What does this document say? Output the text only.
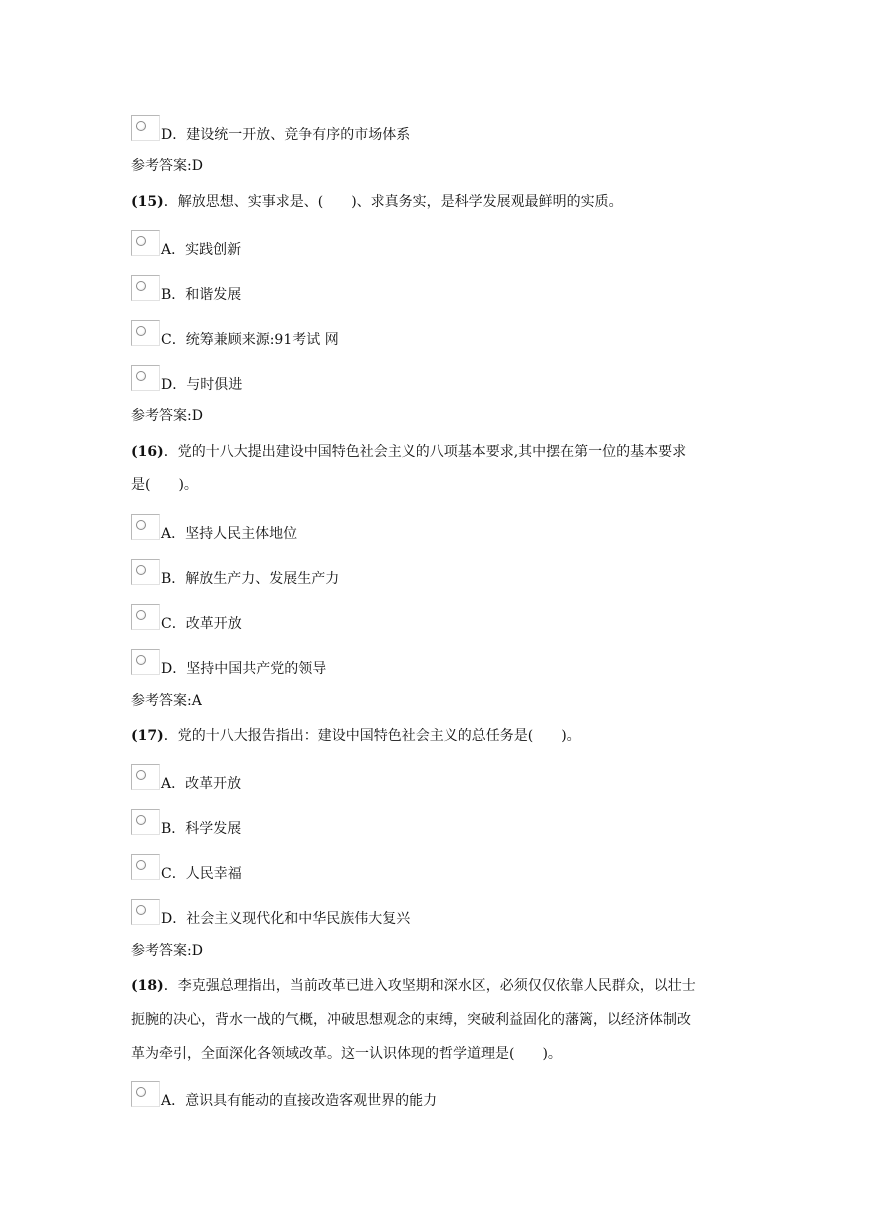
D．建设统一开放、竞争有序的市场体系
参考答案:D
(15)．解放思想、实事求是、(　　)、求真务实，是科学发展观最鲜明的实质。
A．实践创新
B．和谐发展
C．统筹兼顾来源:91考试 网
D．与时俱进
参考答案:D
(16)．党的十八大提出建设中国特色社会主义的八项基本要求,其中摆在第一位的基本要求
是(　　)。
A．坚持人民主体地位
B．解放生产力、发展生产力
C．改革开放
D．坚持中国共产党的领导
参考答案:A
(17)．党的十八大报告指出：建设中国特色社会主义的总任务是(　　)。
A．改革开放
B．科学发展
C．人民幸福
D．社会主义现代化和中华民族伟大复兴
参考答案:D
(18)．李克强总理指出，当前改革已进入攻坚期和深水区，必须仅仅依靠人民群众，以壮士
扼腕的决心，背水一战的气概，冲破思想观念的束缚，突破利益固化的藩篱，以经济体制改
革为牵引，全面深化各领域改革。这一认识体现的哲学道理是(　　)。
A．意识具有能动的直接改造客观世界的能力
